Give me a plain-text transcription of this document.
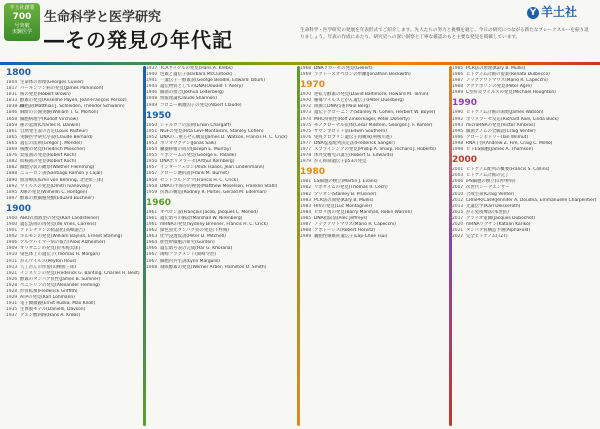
羊土社創業
700
号突破
実験医学
生命科学と医学研究
―その発見の年代記	生命科学・医学研究の発展を年表形式でご紹介します。先人たちの努力と挑戦を通じ、今日の研究につながる新たなブレークスルーを振り返りましょう。年表の作成にあたり、研究史への深い洞察と丁寧な確認のもと主要な発見を掲載しています。
Y 羊土社
1800
1804 生命体の原理(Georges Cuvier)
1817 パーキンソン病の発見(James Parkinson)
1831 核の発見(Robert Brown)
1833 酵素の発見(Anselme Payen, Jean-François Persoz)
1838-39細胞説(Matthias J. Schleiden, Theodor Schwann)
1846 麻酔の公開実験(William T. G. Morton)
1858 細胞病理学(Rudolf Virchow)
1859 種の起源(Charles R. Darwin)
1861 自然発生説の否定(Louis Pasteur)
1865 実験医学研究序説(Claude Bernard)
1865 遺伝の法則(Gregor J. Mendel)
1869 核酸の発見(Friedrich Miescher)
1876 炭疽菌の発見(Robert Koch)
1882 結核菌の発見(Robert Koch)
1882 細胞分裂の観察(Walther Flemming)
1888 ニューロン説(Santiago Ramón y Cajal)
1890 血清療法(Emil von Behring, 北里柴三郎)
1892 ウイルスの発見(Dmitri Ivanovsky)
1895 X線の発見(Wilhelm C. Röntgen)
1897 酵素の無細胞発酵(Eduard Buchner)
1900
1900 ABO式血液型の発見(Karl Landsteiner)
1900 遺伝法則の再発見(de Vries, Correns)
1901 アドレナリンの結晶化(高峰譲吉)
1902 ホルモンの発見(William Bayliss, Ernest Starling)
1906 アルツハイマー病の報告(Alois Alzheimer)
1909 オリザニンの発見(鈴木梅太郎)
1910 染色体上の遺伝子(Thomas H. Morgan)
1911 がんウイルス(Peyton Rous)
1913 人工がんの作製(山極勝三郎)
1921 インスリンの発見(Frederick G. Banting, Charles H. Best)
1926 酵素のタンパク質性(James B. Sumner)
1928 ペニシリンの発見(Alexander Fleming)
1928 形質転換(Frederick Griffith)
1929 ATPの発見(Karl Lohmann)
1931 電子顕微鏡(Ernst Ruska, Max Knoll)
1935 生体膜モデル(Danielli, Davson)
1937 クエン酸回路(Hans A. Krebs)
1937 TCAサイクルの発見(Hans A. Krebs)
1940 色素と遺伝子(Barbara McClintock)
1941 一遺伝子一酵素説(George Beadle, Edward Tatum)
1944 遺伝物質としてのDNA(Oswald T. Avery)
1946 細菌の接合(Joshua Lederberg)
1948 情報理論(Claude Shannon)
1949 コロニー刺激因子の発見(Albert Claude)
1950
1950 シャルガフの法則(Erwin Chargaff)
1951 NGFの発見(Rita Levi-Montalcini, Stanley Cohen)
1952 DNAの二重らせん構造(James D. Watson, Francis H. C. Crick)
1953 ポリオワクチン(Jonas Salk)
1954 臓器移植の成功(Joseph E. Murray)
1955 リボソームの発見(George E. Palade)
1956 DNAポリメラーゼ(Arthur Kornberg)
1957 インターフェロン(Alick Isaacs, Jean Lindenmann)
1957 クローン選択説(Frank M. Burnet)
1958 セントラルドグマ(Francis H. C. Crick)
1958 DNAの半保存的複製(Matthew Meselson, Franklin Stahl)
1959 抗体の構造(Rodney R. Porter, Gerald M. Edelman)
1960
1961 オペロン説(François Jacob, Jacques L. Monod)
1961 遺伝暗号の解読(Marshall W. Nirenberg)
1961 mRNAの発見(Sydney Brenner, Francis H. C. Crick)
1962 緑色蛍光タンパク質の発見(下村脩)
1963 化学浸透仮説(Peter D. Mitchell)
1964 胚性幹細胞の研究(Gurdon)
1966 遺伝暗号表の完成(Har G. Khorana)
1967 岡崎フラグメント(岡崎令治)
1967 細胞内共生説(Lynn Margulis)
1968 制限酵素の発見(Werner Arber, Hamilton O. Smith)
1968 DNAリガーゼの発見(Gellert)
1969 ラクトースオペロンの単離(Jonathan Beckwith)
1970
1970 逆転写酵素の発見(David Baltimore, Howard M. Temin)
1970 腫瘍ウイルスとがん遺伝子(Peter Duesberg)
1972 組換えDNA技術(Paul Berg)
1973 遺伝子クローニング(Stanley N. Cohen, Herbert W. Boyer)
1974 MHC拘束性(Rolf Zinkernagel, Peter Doherty)
1975 モノクローナル抗体(César Milstein, Georges J. F. Köhler)
1975 サザンブロット法(Edwin Southern)
1976 免疫グロブリン遺伝子再構成(利根川進)
1977 DNA塩基配列決定法(Frederick Sanger)
1977 スプライシングの発見(Phillip A. Sharp, Richard J. Roberts)
1978 体外受精児の誕生(Robert G. Edwards)
1979 がん抑制遺伝子p53の発見
1980
1981 ES細胞の樹立(Martin J. Evans)
1982 リボザイムの発見(Thomas R. Cech)
1982 プリオン(Stanley B. Prusiner)
1983 PCR法の開発(Kary B. Mullis)
1983 HIVの発見(Luc Montagnier)
1984 ピロリ菌の発見(Barry Marshall, Robin Warren)
1985 DNA指紋法(Alec Jeffreys)
1987 ノックアウトマウス(Mario R. Capecchi)
1988 アポトーシス(Robert Horvitz)
1989 嚢胞性線維症遺伝子(Lap-Chee Tsui)
1985 PCR法の原理(Kary B. Mullis)
1986 ヒトゲノム計画の提案(Renato Dulbecco)
1987 ノックアウトマウス(Mario R. Capecchi)
1988 アクアポリンの発見(Peter Agre)
1989 C型肝炎ウイルスの発見(Michael Houghton)
1990
1990 ヒトゲノム計画の開始(James Watson)
1992 ポリメラーゼ反応(Richard Axel, Linda Buck)
1993 microRNAの発見(Victor Ambros)
1995 細菌ゲノムの全解読(Craig Venter)
1996 クローン羊ドリー(Ian Wilmut)
1998 RNA干渉(Andrew Z. Fire, Craig C. Mello)
1998 ヒトES細胞(James A. Thomson)
2000
2001 ヒトゲノム配列の概要(Francis S. Collins)
2003 ヒトゲノム計画の完了
2006 iPS細胞の樹立(山中伸弥)
2007 次世代シークエンサー
2010 合成生命(Craig Venter)
2012 CRISPR/Cas9(Jennifer A. Doudna, Emmanuelle Charpentier)
2013 光遺伝学(Karl Deisseroth)
2015 がん免疫療法(本庶佑)
2017 クライオ電顕(Jacques Dubochet)
2020 mRNAワクチン(Katalin Karikó)
2021 タンパク質構造予測(AlphaFold)
2022 完全ヒトゲノム(T2T)
